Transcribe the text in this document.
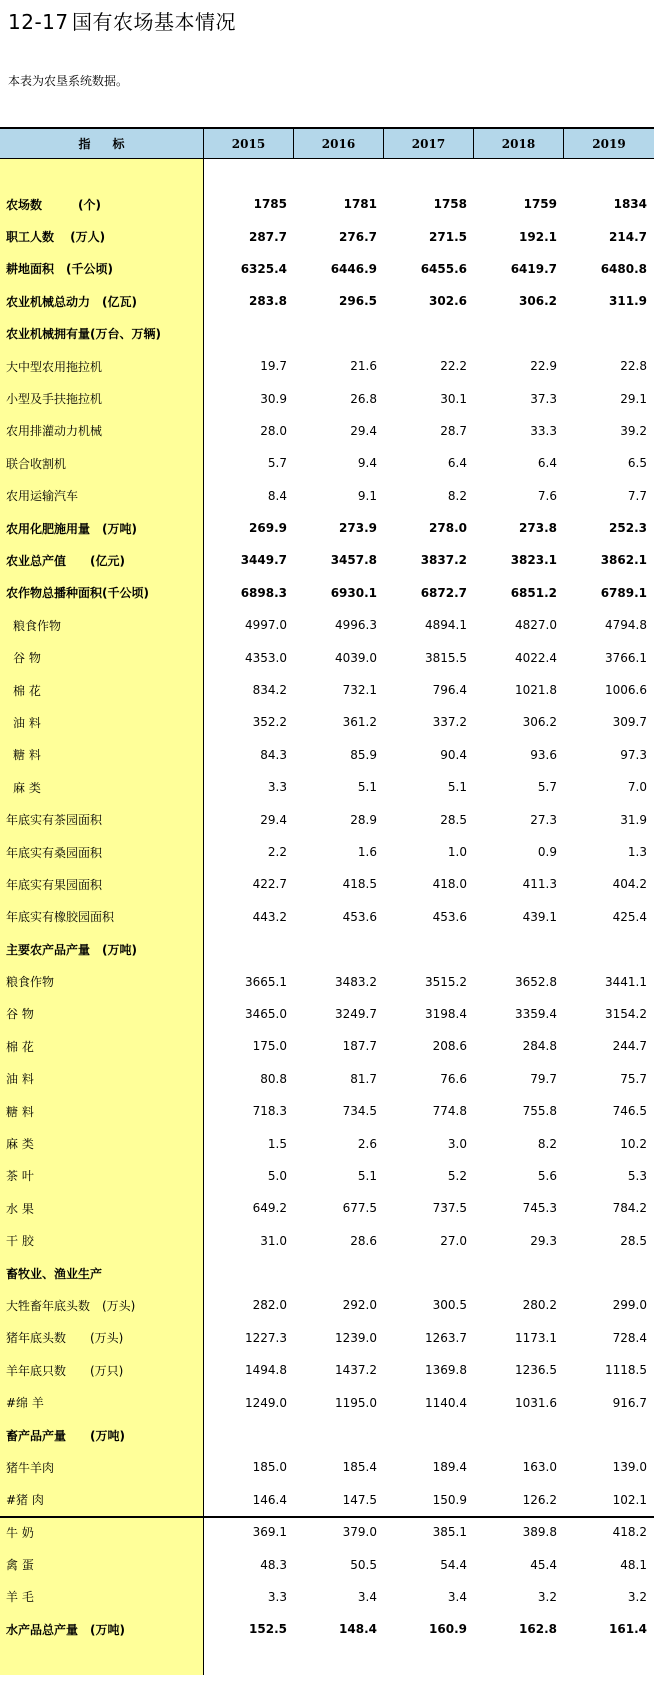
12-17 国有农场基本情况
本表为农垦系统数据。
指标	2015	2016	2017	2018	2019
农场数　　　(个)	1785	1781	1758	1759	1834
职工人数　 (万人)	287.7	276.7	271.5	192.1	214.7
耕地面积　(千公顷)	6325.4	6446.9	6455.6	6419.7	6480.8
农业机械总动力　(亿瓦)	283.8	296.5	302.6	306.2	311.9
农业机械拥有量(万台、万辆)
大中型农用拖拉机	19.7	21.6	22.2	22.9	22.8
小型及手扶拖拉机	30.9	26.8	30.1	37.3	29.1
农用排灌动力机械	28.0	29.4	28.7	33.3	39.2
联合收割机	5.7	9.4	6.4	6.4	6.5
农用运输汽车	8.4	9.1	8.2	7.6	7.7
农用化肥施用量　(万吨)	269.9	273.9	278.0	273.8	252.3
农业总产值　　(亿元)	3449.7	3457.8	3837.2	3823.1	3862.1
农作物总播种面积(千公顷)	6898.3	6930.1	6872.7	6851.2	6789.1
粮食作物	4997.0	4996.3	4894.1	4827.0	4794.8
谷 物	4353.0	4039.0	3815.5	4022.4	3766.1
棉 花	834.2	732.1	796.4	1021.8	1006.6
油 料	352.2	361.2	337.2	306.2	309.7
糖 料	84.3	85.9	90.4	93.6	97.3
麻 类	3.3	5.1	5.1	5.7	7.0
年底实有茶园面积	29.4	28.9	28.5	27.3	31.9
年底实有桑园面积	2.2	1.6	1.0	0.9	1.3
年底实有果园面积	422.7	418.5	418.0	411.3	404.2
年底实有橡胶园面积	443.2	453.6	453.6	439.1	425.4
主要农产品产量　(万吨)
粮食作物	3665.1	3483.2	3515.2	3652.8	3441.1
谷 物	3465.0	3249.7	3198.4	3359.4	3154.2
棉 花	175.0	187.7	208.6	284.8	244.7
油 料	80.8	81.7	76.6	79.7	75.7
糖 料	718.3	734.5	774.8	755.8	746.5
麻 类	1.5	2.6	3.0	8.2	10.2
茶 叶	5.0	5.1	5.2	5.6	5.3
水 果	649.2	677.5	737.5	745.3	784.2
干 胶	31.0	28.6	27.0	29.3	28.5
畜牧业、渔业生产
大牲畜年底头数　(万头)	282.0	292.0	300.5	280.2	299.0
猪年底头数　　(万头)	1227.3	1239.0	1263.7	1173.1	728.4
羊年底只数　　(万只)	1494.8	1437.2	1369.8	1236.5	1118.5
#绵 羊	1249.0	1195.0	1140.4	1031.6	916.7
畜产品产量　　(万吨)
猪牛羊肉	185.0	185.4	189.4	163.0	139.0
#猪 肉	146.4	147.5	150.9	126.2	102.1
牛 奶	369.1	379.0	385.1	389.8	418.2
禽 蛋	48.3	50.5	54.4	45.4	48.1
羊 毛	3.3	3.4	3.4	3.2	3.2
水产品总产量　(万吨)	152.5	148.4	160.9	162.8	161.4
